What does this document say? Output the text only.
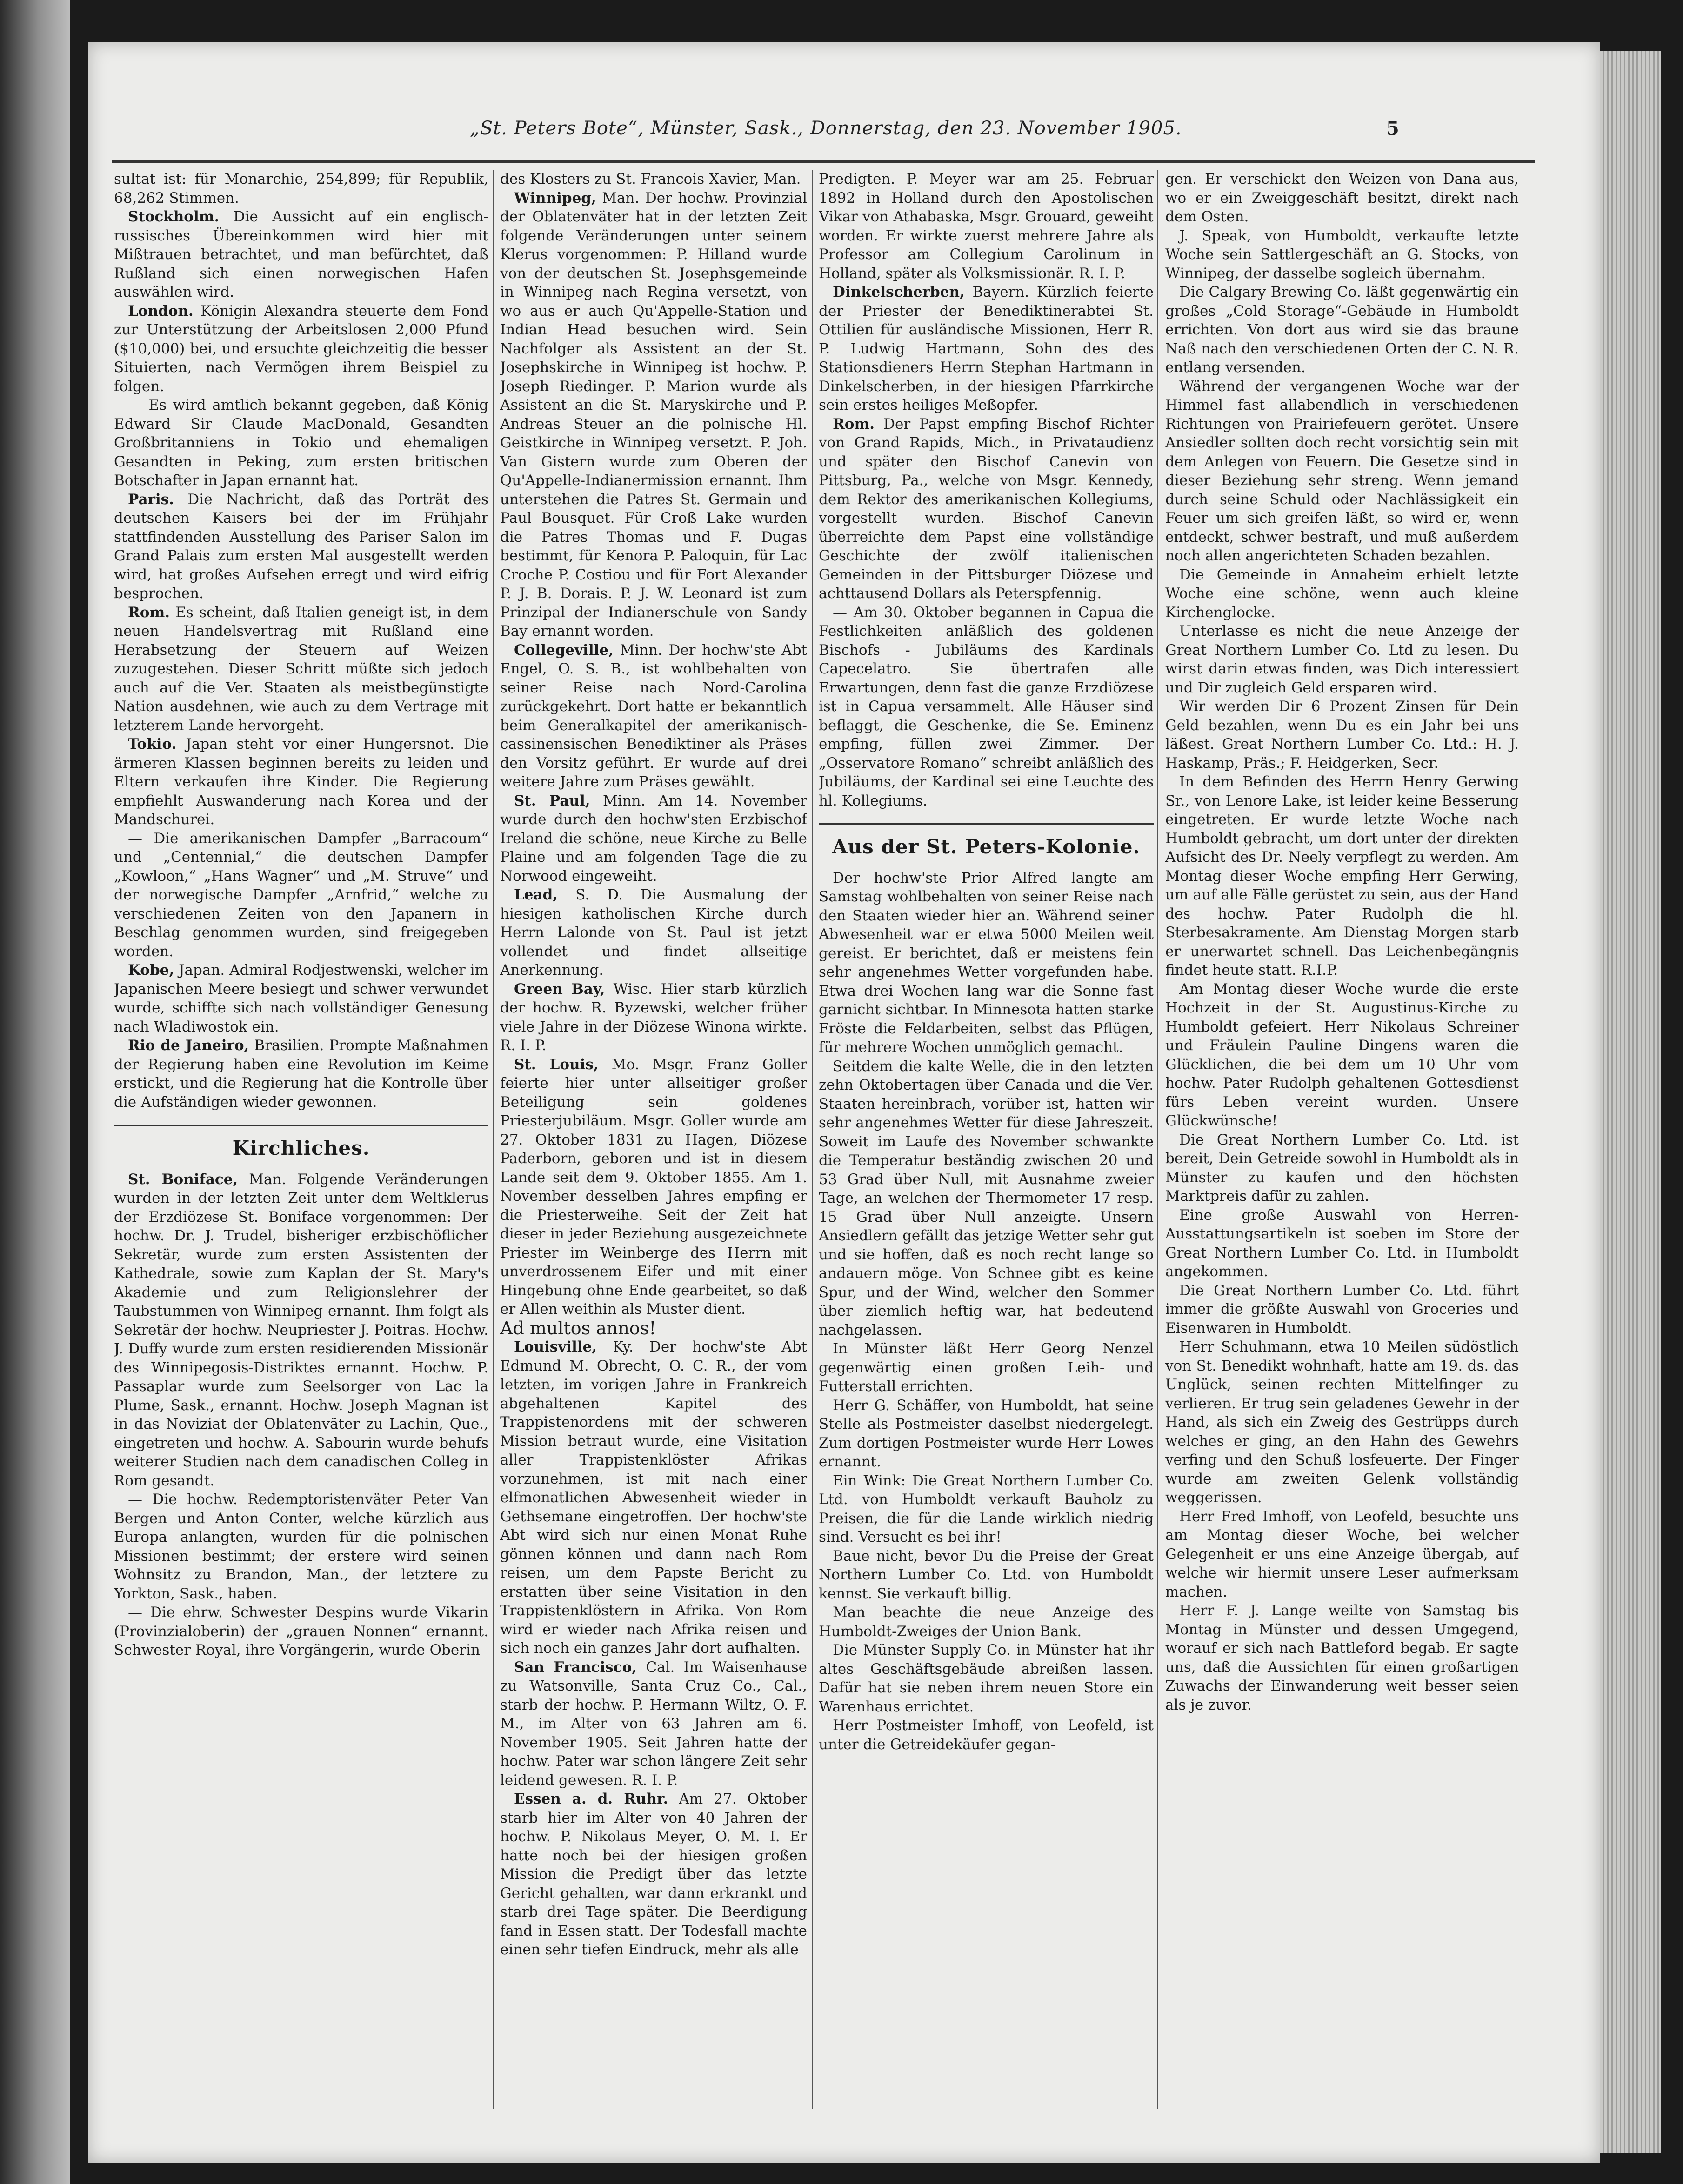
„St. Peters Bote“, Münster, Sask., Donnerstag, den 23. November 1905.	5

sultat ist: für Monarchie, 254,899; für Republik, 68,262 Stimmen.

Stockholm. Die Aussicht auf ein englisch-russisches Übereinkommen wird hier mit Mißtrauen betrachtet, und man befürchtet, daß Rußland sich einen norwegischen Hafen auswählen wird.

London. Königin Alexandra steuerte dem Fond zur Unterstützung der Arbeitslosen 2,000 Pfund ($10,000) bei, und ersuchte gleichzeitig die besser Situierten, nach Vermögen ihrem Beispiel zu folgen.

— Es wird amtlich bekannt gegeben, daß König Edward Sir Claude MacDonald, Gesandten Großbritanniens in Tokio und ehemaligen Gesandten in Peking, zum ersten britischen Botschafter in Japan ernannt hat.

Paris. Die Nachricht, daß das Porträt des deutschen Kaisers bei der im Frühjahr stattfindenden Ausstellung des Pariser Salon im Grand Palais zum ersten Mal ausgestellt werden wird, hat großes Aufsehen erregt und wird eifrig besprochen.

Rom. Es scheint, daß Italien geneigt ist, in dem neuen Handelsvertrag mit Rußland eine Herabsetzung der Steuern auf Weizen zuzugestehen. Dieser Schritt müßte sich jedoch auch auf die Ver. Staaten als meistbegünstigte Nation ausdehnen, wie auch zu dem Vertrage mit letzterem Lande hervorgeht.

Tokio. Japan steht vor einer Hungersnot. Die ärmeren Klassen beginnen bereits zu leiden und Eltern verkaufen ihre Kinder. Die Regierung empfiehlt Auswanderung nach Korea und der Mandschurei.

— Die amerikanischen Dampfer „Barracoum“ und „Centennial,“ die deutschen Dampfer „Kowloon,“ „Hans Wagner“ und „M. Struve“ und der norwegische Dampfer „Arnfrid,“ welche zu verschiedenen Zeiten von den Japanern in Beschlag genommen wurden, sind freigegeben worden.

Kobe, Japan. Admiral Rodjestwenski, welcher im Japanischen Meere besiegt und schwer verwundet wurde, schiffte sich nach vollständiger Genesung nach Wladiwostok ein.

Rio de Janeiro, Brasilien. Prompte Maßnahmen der Regierung haben eine Revolution im Keime erstickt, und die Regierung hat die Kontrolle über die Aufständigen wieder gewonnen.

Kirchliches.

St. Boniface, Man. Folgende Veränderungen wurden in der letzten Zeit unter dem Weltklerus der Erzdiözese St. Boniface vorgenommen: Der hochw. Dr. J. Trudel, bisheriger erzbischöflicher Sekretär, wurde zum ersten Assistenten der Kathedrale, sowie zum Kaplan der St. Mary's Akademie und zum Religionslehrer der Taubstummen von Winnipeg ernannt. Ihm folgt als Sekretär der hochw. Neupriester J. Poitras. Hochw. J. Duffy wurde zum ersten residierenden Missionär des Winnipegosis-Distriktes ernannt. Hochw. P. Passaplar wurde zum Seelsorger von Lac la Plume, Sask., ernannt. Hochw. Joseph Magnan ist in das Noviziat der Oblatenväter zu Lachin, Que., eingetreten und hochw. A. Sabourin wurde behufs weiterer Studien nach dem canadischen Colleg in Rom gesandt.

— Die hochw. Redemptoristenväter Peter Van Bergen und Anton Conter, welche kürzlich aus Europa anlangten, wurden für die polnischen Missionen bestimmt; der erstere wird seinen Wohnsitz zu Brandon, Man., der letztere zu Yorkton, Sask., haben.

— Die ehrw. Schwester Despins wurde Vikarin (Provinzialoberin) der „grauen Nonnen“ ernannt. Schwester Royal, ihre Vorgängerin, wurde Oberin

des Klosters zu St. Francois Xavier, Man.

Winnipeg, Man. Der hochw. Provinzial der Oblatenväter hat in der letzten Zeit folgende Veränderungen unter seinem Klerus vorgenommen: P. Hilland wurde von der deutschen St. Josephsgemeinde in Winnipeg nach Regina versetzt, von wo aus er auch Qu'Appelle-Station und Indian Head besuchen wird. Sein Nachfolger als Assistent an der St. Josephskirche in Winnipeg ist hochw. P. Joseph Riedinger. P. Marion wurde als Assistent an die St. Maryskirche und P. Andreas Steuer an die polnische Hl. Geistkirche in Winnipeg versetzt. P. Joh. Van Gistern wurde zum Oberen der Qu'Appelle-Indianermission ernannt. Ihm unterstehen die Patres St. Germain und Paul Bousquet. Für Croß Lake wurden die Patres Thomas und F. Dugas bestimmt, für Kenora P. Paloquin, für Lac Croche P. Costiou und für Fort Alexander P. J. B. Dorais. P. J. W. Leonard ist zum Prinzipal der Indianerschule von Sandy Bay ernannt worden.

Collegeville, Minn. Der hochw'ste Abt Engel, O. S. B., ist wohlbehalten von seiner Reise nach Nord-Carolina zurückgekehrt. Dort hatte er bekanntlich beim Generalkapitel der amerikanisch-cassinensischen Benediktiner als Präses den Vorsitz geführt. Er wurde auf drei weitere Jahre zum Präses gewählt.

St. Paul, Minn. Am 14. November wurde durch den hochw'sten Erzbischof Ireland die schöne, neue Kirche zu Belle Plaine und am folgenden Tage die zu Norwood eingeweiht.

Lead, S. D. Die Ausmalung der hiesigen katholischen Kirche durch Herrn Lalonde von St. Paul ist jetzt vollendet und findet allseitige Anerkennung.

Green Bay, Wisc. Hier starb kürzlich der hochw. R. Byzewski, welcher früher viele Jahre in der Diözese Winona wirkte. R. I. P.

St. Louis, Mo. Msgr. Franz Goller feierte hier unter allseitiger großer Beteiligung sein goldenes Priesterjubiläum. Msgr. Goller wurde am 27. Oktober 1831 zu Hagen, Diözese Paderborn, geboren und ist in diesem Lande seit dem 9. Oktober 1855. Am 1. November desselben Jahres empfing er die Priesterweihe. Seit der Zeit hat dieser in jeder Beziehung ausgezeichnete Priester im Weinberge des Herrn mit unverdrossenem Eifer und mit einer Hingebung ohne Ende gearbeitet, so daß er Allen weithin als Muster dient.

Ad multos annos!

Louisville, Ky. Der hochw'ste Abt Edmund M. Obrecht, O. C. R., der vom letzten, im vorigen Jahre in Frankreich abgehaltenen Kapitel des Trappistenordens mit der schweren Mission betraut wurde, eine Visitation aller Trappistenklöster Afrikas vorzunehmen, ist mit nach einer elfmonatlichen Abwesenheit wieder in Gethsemane eingetroffen. Der hochw'ste Abt wird sich nur einen Monat Ruhe gönnen können und dann nach Rom reisen, um dem Papste Bericht zu erstatten über seine Visitation in den Trappistenklöstern in Afrika. Von Rom wird er wieder nach Afrika reisen und sich noch ein ganzes Jahr dort aufhalten.

San Francisco, Cal. Im Waisenhause zu Watsonville, Santa Cruz Co., Cal., starb der hochw. P. Hermann Wiltz, O. F. M., im Alter von 63 Jahren am 6. November 1905. Seit Jahren hatte der hochw. Pater war schon längere Zeit sehr leidend gewesen. R. I. P.

Essen a. d. Ruhr. Am 27. Oktober starb hier im Alter von 40 Jahren der hochw. P. Nikolaus Meyer, O. M. I. Er hatte noch bei der hiesigen großen Mission die Predigt über das letzte Gericht gehalten, war dann erkrankt und starb drei Tage später. Die Beerdigung fand in Essen statt. Der Todesfall machte einen sehr tiefen Eindruck, mehr als alle

Predigten. P. Meyer war am 25. Februar 1892 in Holland durch den Apostolischen Vikar von Athabaska, Msgr. Grouard, geweiht worden. Er wirkte zuerst mehrere Jahre als Professor am Collegium Carolinum in Holland, später als Volksmissionär. R. I. P.

Dinkelscherben, Bayern. Kürzlich feierte der Priester der Benediktinerabtei St. Ottilien für ausländische Missionen, Herr R. P. Ludwig Hartmann, Sohn des des Stationsdieners Herrn Stephan Hartmann in Dinkelscherben, in der hiesigen Pfarrkirche sein erstes heiliges Meßopfer.

Rom. Der Papst empfing Bischof Richter von Grand Rapids, Mich., in Privataudienz und später den Bischof Canevin von Pittsburg, Pa., welche von Msgr. Kennedy, dem Rektor des amerikanischen Kollegiums, vorgestellt wurden. Bischof Canevin überreichte dem Papst eine vollständige Geschichte der zwölf italienischen Gemeinden in der Pittsburger Diözese und achttausend Dollars als Peterspfennig.

— Am 30. Oktober begannen in Capua die Festlichkeiten anläßlich des goldenen Bischofs - Jubiläums des Kardinals Capecelatro. Sie übertrafen alle Erwartungen, denn fast die ganze Erzdiözese ist in Capua versammelt. Alle Häuser sind beflaggt, die Geschenke, die Se. Eminenz empfing, füllen zwei Zimmer. Der „Osservatore Romano“ schreibt anläßlich des Jubiläums, der Kardinal sei eine Leuchte des hl. Kollegiums.

Aus der St. Peters-Kolonie.

Der hochw'ste Prior Alfred langte am Samstag wohlbehalten von seiner Reise nach den Staaten wieder hier an. Während seiner Abwesenheit war er etwa 5000 Meilen weit gereist. Er berichtet, daß er meistens fein sehr angenehmes Wetter vorgefunden habe. Etwa drei Wochen lang war die Sonne fast garnicht sichtbar. In Minnesota hatten starke Fröste die Feldarbeiten, selbst das Pflügen, für mehrere Wochen unmöglich gemacht.

Seitdem die kalte Welle, die in den letzten zehn Oktobertagen über Canada und die Ver. Staaten hereinbrach, vorüber ist, hatten wir sehr angenehmes Wetter für diese Jahreszeit. Soweit im Laufe des November schwankte die Temperatur beständig zwischen 20 und 53 Grad über Null, mit Ausnahme zweier Tage, an welchen der Thermometer 17 resp. 15 Grad über Null anzeigte. Unsern Ansiedlern gefällt das jetzige Wetter sehr gut und sie hoffen, daß es noch recht lange so andauern möge. Von Schnee gibt es keine Spur, und der Wind, welcher den Sommer über ziemlich heftig war, hat bedeutend nachgelassen.

In Münster läßt Herr Georg Nenzel gegenwärtig einen großen Leih- und Futterstall errichten.

Herr G. Schäffer, von Humboldt, hat seine Stelle als Postmeister daselbst niedergelegt. Zum dortigen Postmeister wurde Herr Lowes ernannt.

Ein Wink: Die Great Northern Lumber Co. Ltd. von Humboldt verkauft Bauholz zu Preisen, die für die Lande wirklich niedrig sind. Versucht es bei ihr!

Baue nicht, bevor Du die Preise der Great Northern Lumber Co. Ltd. von Humboldt kennst. Sie verkauft billig.

Man beachte die neue Anzeige des Humboldt-Zweiges der Union Bank.

Die Münster Supply Co. in Münster hat ihr altes Geschäftsgebäude abreißen lassen. Dafür hat sie neben ihrem neuen Store ein Warenhaus errichtet.

Herr Postmeister Imhoff, von Leofeld, ist unter die Getreidekäufer gegan-

gen. Er verschickt den Weizen von Dana aus, wo er ein Zweiggeschäft besitzt, direkt nach dem Osten.

J. Speak, von Humboldt, verkaufte letzte Woche sein Sattlergeschäft an G. Stocks, von Winnipeg, der dasselbe sogleich übernahm.

Die Calgary Brewing Co. läßt gegenwärtig ein großes „Cold Storage“-Gebäude in Humboldt errichten. Von dort aus wird sie das braune Naß nach den verschiedenen Orten der C. N. R. entlang versenden.

Während der vergangenen Woche war der Himmel fast allabendlich in verschiedenen Richtungen von Prairiefeuern gerötet. Unsere Ansiedler sollten doch recht vorsichtig sein mit dem Anlegen von Feuern. Die Gesetze sind in dieser Beziehung sehr streng. Wenn jemand durch seine Schuld oder Nachlässigkeit ein Feuer um sich greifen läßt, so wird er, wenn entdeckt, schwer bestraft, und muß außerdem noch allen angerichteten Schaden bezahlen.

Die Gemeinde in Annaheim erhielt letzte Woche eine schöne, wenn auch kleine Kirchenglocke.

Unterlasse es nicht die neue Anzeige der Great Northern Lumber Co. Ltd zu lesen. Du wirst darin etwas finden, was Dich interessiert und Dir zugleich Geld ersparen wird.

Wir werden Dir 6 Prozent Zinsen für Dein Geld bezahlen, wenn Du es ein Jahr bei uns läßest. Great Northern Lumber Co. Ltd.: H. J. Haskamp, Präs.; F. Heidgerken, Secr.

In dem Befinden des Herrn Henry Gerwing Sr., von Lenore Lake, ist leider keine Besserung eingetreten. Er wurde letzte Woche nach Humboldt gebracht, um dort unter der direkten Aufsicht des Dr. Neely verpflegt zu werden. Am Montag dieser Woche empfing Herr Gerwing, um auf alle Fälle gerüstet zu sein, aus der Hand des hochw. Pater Rudolph die hl. Sterbesakramente. Am Dienstag Morgen starb er unerwartet schnell. Das Leichenbegängnis findet heute statt. R.I.P.

Am Montag dieser Woche wurde die erste Hochzeit in der St. Augustinus-Kirche zu Humboldt gefeiert. Herr Nikolaus Schreiner und Fräulein Pauline Dingens waren die Glücklichen, die bei dem um 10 Uhr vom hochw. Pater Rudolph gehaltenen Gottesdienst fürs Leben vereint wurden. Unsere Glückwünsche!

Die Great Northern Lumber Co. Ltd. ist bereit, Dein Getreide sowohl in Humboldt als in Münster zu kaufen und den höchsten Marktpreis dafür zu zahlen.

Eine große Auswahl von Herren-Ausstattungsartikeln ist soeben im Store der Great Northern Lumber Co. Ltd. in Humboldt angekommen.

Die Great Northern Lumber Co. Ltd. führt immer die größte Auswahl von Groceries und Eisenwaren in Humboldt.

Herr Schuhmann, etwa 10 Meilen südöstlich von St. Benedikt wohnhaft, hatte am 19. ds. das Unglück, seinen rechten Mittelfinger zu verlieren. Er trug sein geladenes Gewehr in der Hand, als sich ein Zweig des Gestrüpps durch welches er ging, an den Hahn des Gewehrs verfing und den Schuß losfeuerte. Der Finger wurde am zweiten Gelenk vollständig weggerissen.

Herr Fred Imhoff, von Leofeld, besuchte uns am Montag dieser Woche, bei welcher Gelegenheit er uns eine Anzeige übergab, auf welche wir hiermit unsere Leser aufmerksam machen.

Herr F. J. Lange weilte von Samstag bis Montag in Münster und dessen Umgegend, worauf er sich nach Battleford begab. Er sagte uns, daß die Aussichten für einen großartigen Zuwachs der Einwanderung weit besser seien als je zuvor.
